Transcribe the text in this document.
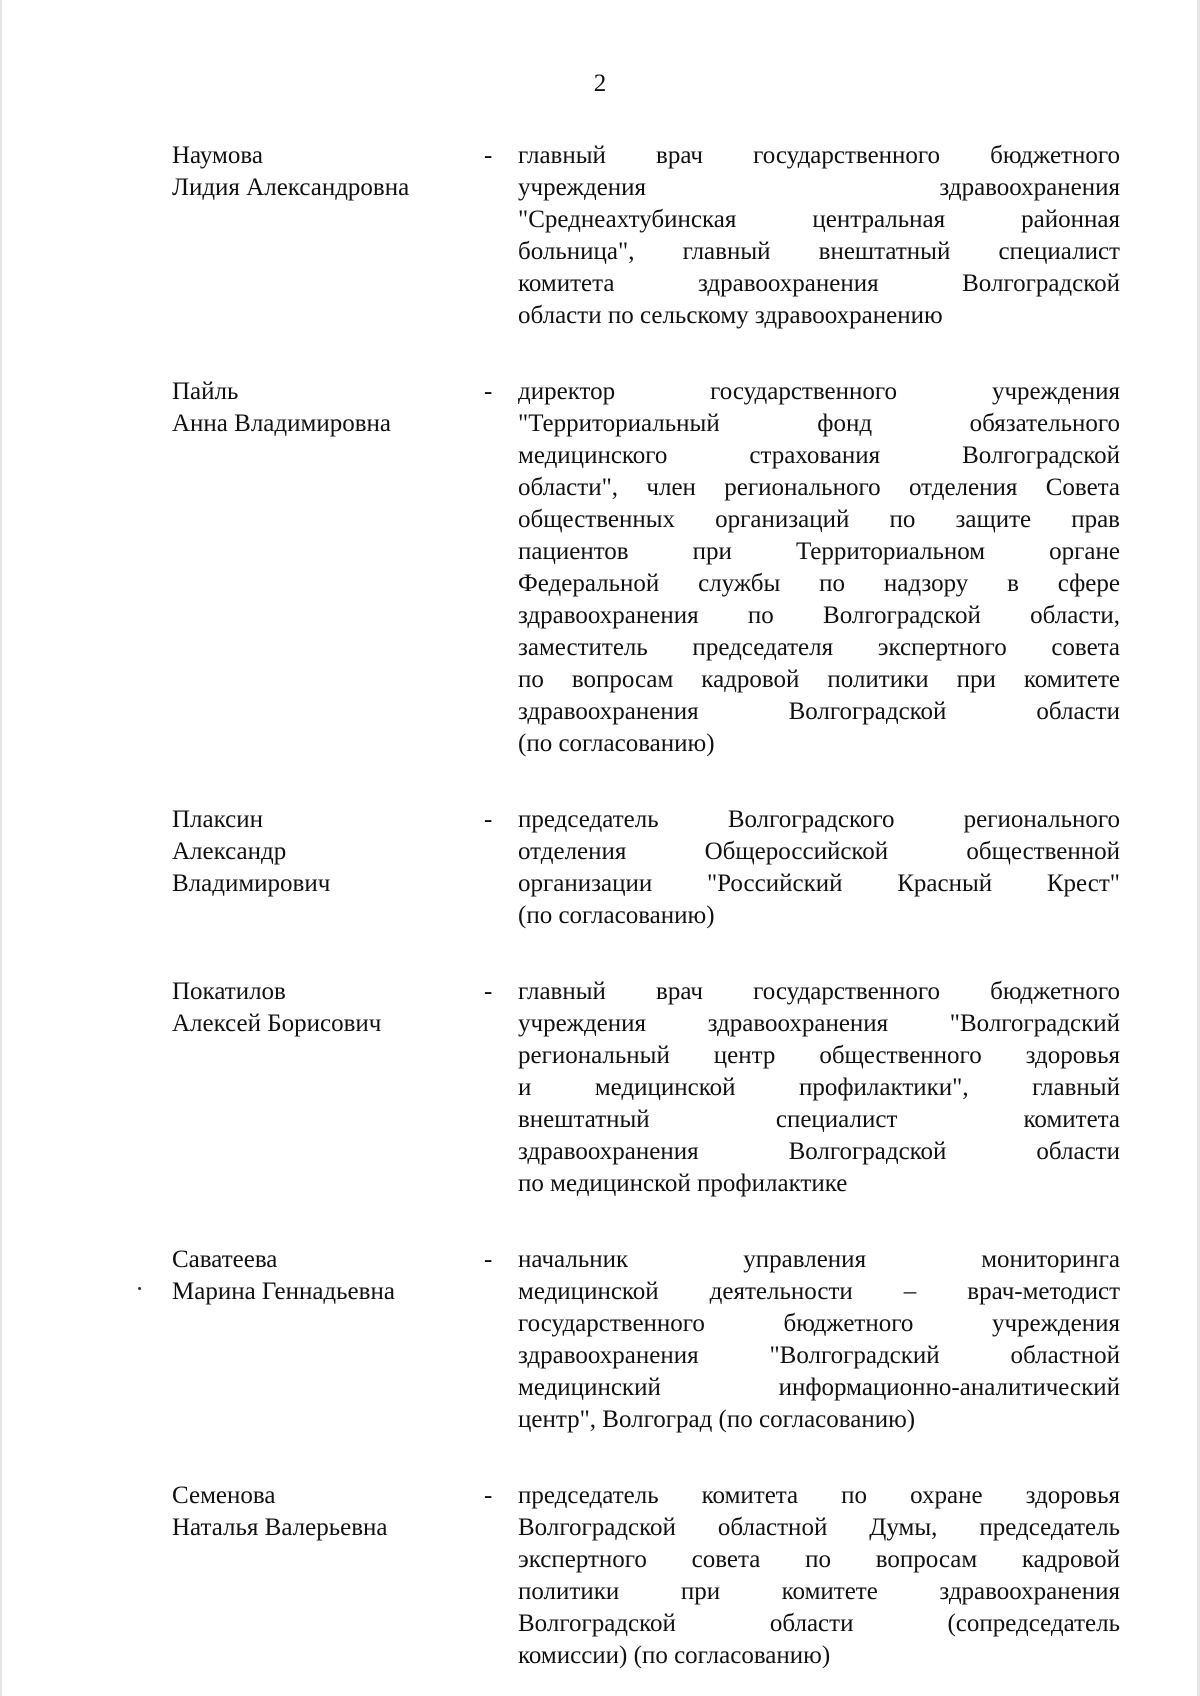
2
Наумова
Лидия Александровна
-	главный врач государственного бюджетного
учреждения здравоохранения
"Среднеахтубинская центральная районная
больница", главный внештатный специалист
комитета здравоохранения Волгоградской
области по сельскому здравоохранению
Пайль
Анна Владимировна
-	директор государственного учреждения
"Территориальный фонд обязательного
медицинского страхования Волгоградской
области", член регионального отделения Совета
общественных организаций по защите прав
пациентов при Территориальном органе
Федеральной службы по надзору в сфере
здравоохранения по Волгоградской области,
заместитель председателя экспертного совета
по вопросам кадровой политики при комитете
здравоохранения Волгоградской области
(по согласованию)
Плаксин
Александр
Владимирович
-	председатель Волгоградского регионального
отделения Общероссийской общественной
организации "Российский Красный Крест"
(по согласованию)
Покатилов
Алексей Борисович
-	главный врач государственного бюджетного
учреждения здравоохранения "Волгоградский
региональный центр общественного здоровья
и медицинской профилактики", главный
внештатный специалист комитета
здравоохранения Волгоградской области
по медицинской профилактике
Саватеева
Марина Геннадьевна
-	начальник управления мониторинга
медицинской деятельности – врач-методист
государственного бюджетного учреждения
здравоохранения "Волгоградский областной
медицинский информационно-аналитический
центр", Волгоград (по согласованию)
Семенова
Наталья Валерьевна
-	председатель комитета по охране здоровья
Волгоградской областной Думы, председатель
экспертного совета по вопросам кадровой
политики при комитете здравоохранения
Волгоградской области (сопредседатель
комиссии) (по согласованию)
